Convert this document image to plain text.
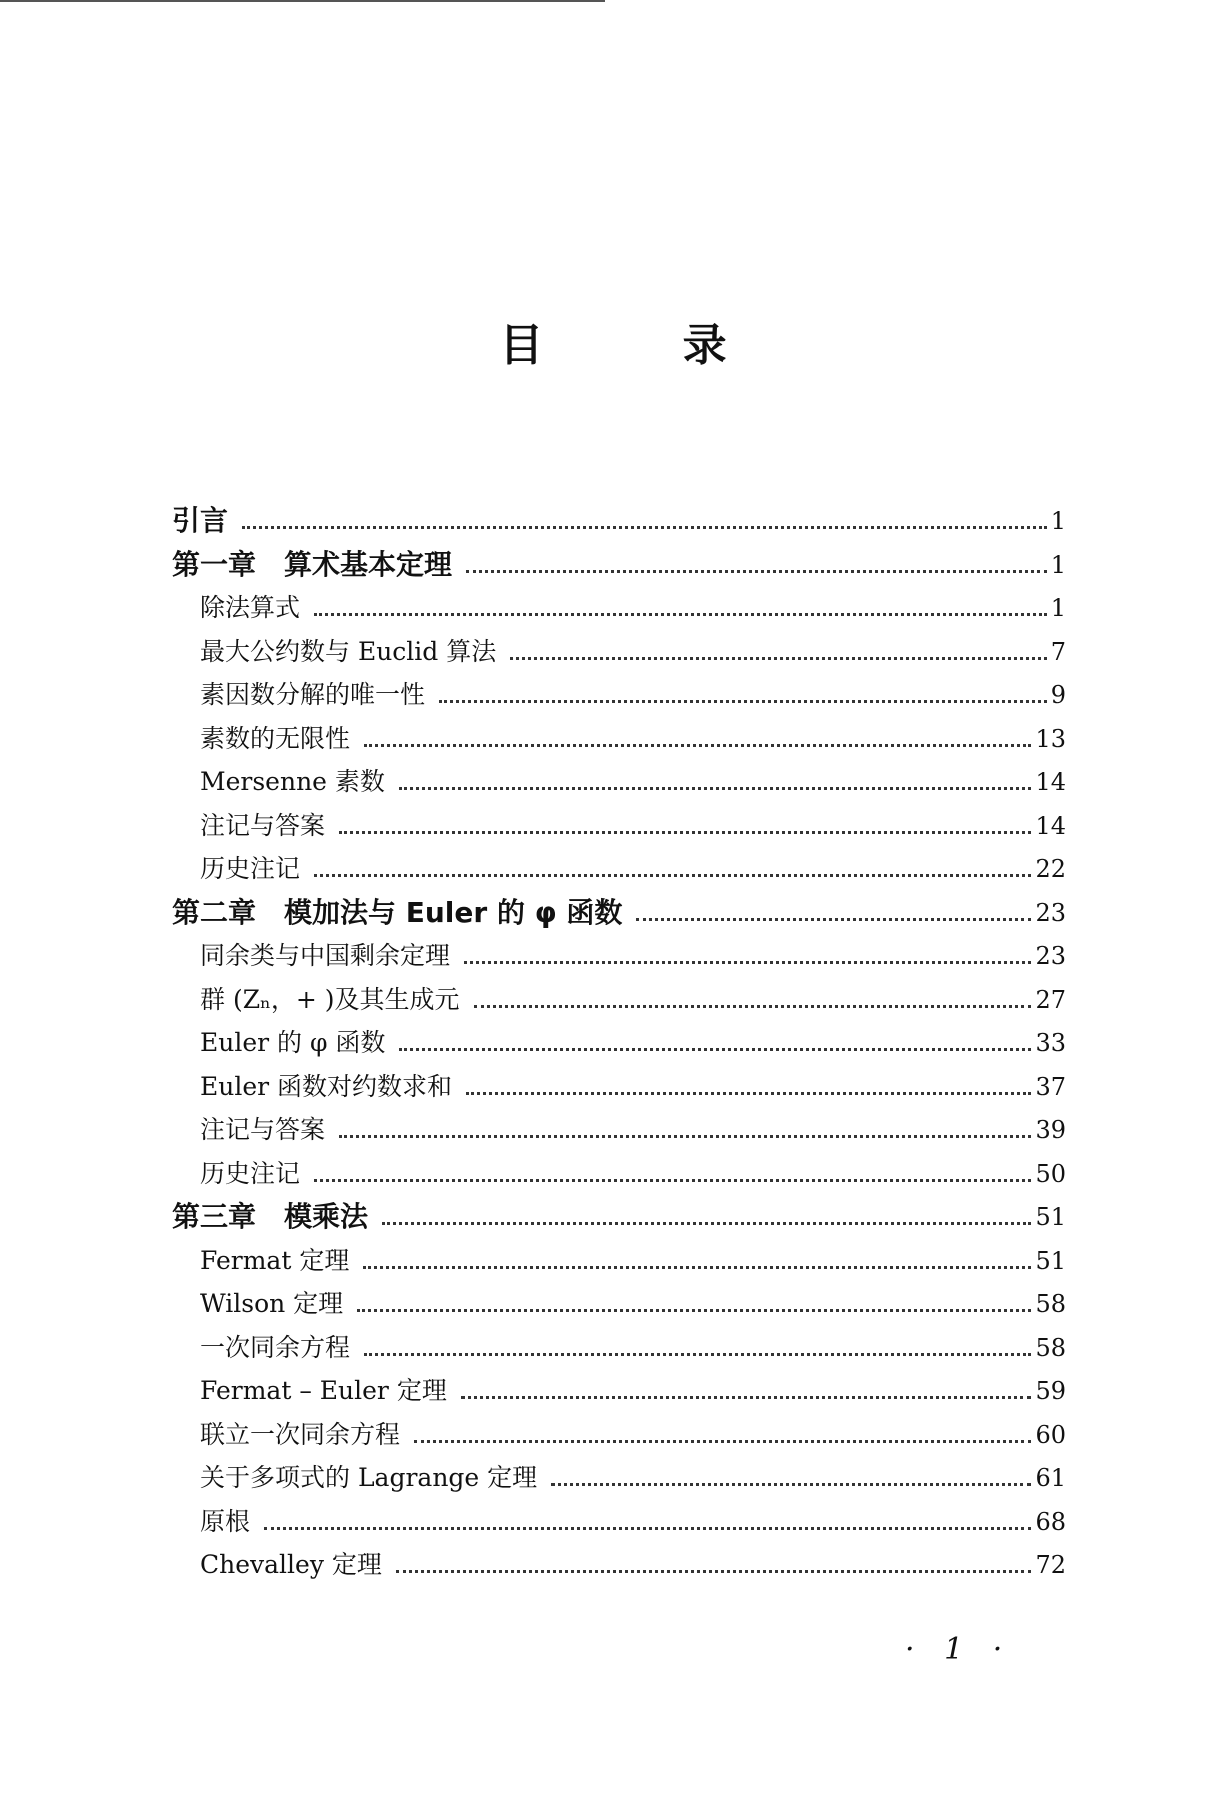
目 录
引言	1
第一章　算术基本定理	1
除法算式	1
最大公约数与 Euclid 算法	7
素因数分解的唯一性	9
素数的无限性	13
Mersenne 素数	14
注记与答案	14
历史注记	22
第二章　模加法与 Euler 的 φ 函数	23
同余类与中国剩余定理	23
群 (Zₙ，+ )及其生成元	27
Euler 的 φ 函数	33
Euler 函数对约数求和	37
注记与答案	39
历史注记	50
第三章　模乘法	51
Fermat 定理	51
Wilson 定理	58
一次同余方程	58
Fermat – Euler 定理	59
联立一次同余方程	60
关于多项式的 Lagrange 定理	61
原根	68
Chevalley 定理	72
· 1 ·
